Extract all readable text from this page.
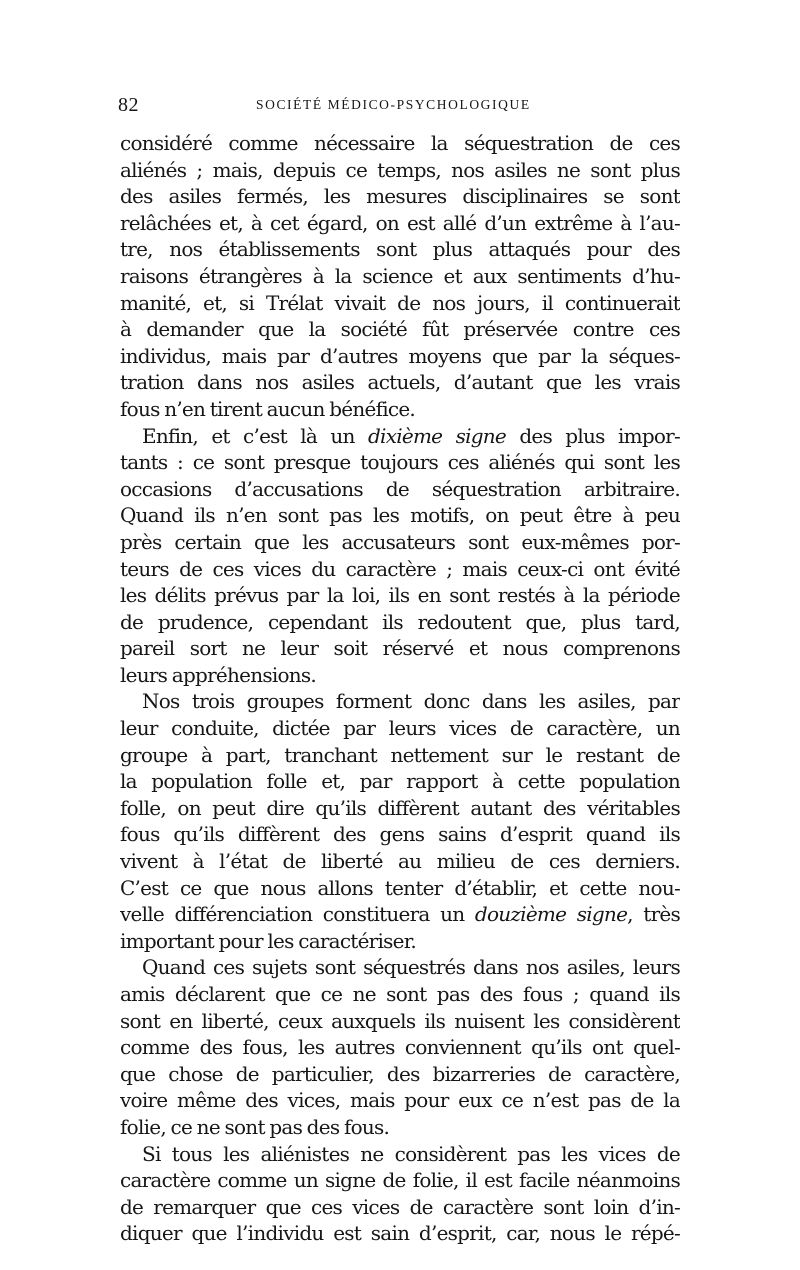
82	SOCIÉTÉ MÉDICO-PSYCHOLOGIQUE
considéré comme nécessaire la séquestration de ces
aliénés ; mais, depuis ce temps, nos asiles ne sont plus
des asiles fermés, les mesures disciplinaires se sont
relâchées et, à cet égard, on est allé d’un extrême à l’au-
tre, nos établissements sont plus attaqués pour des
raisons étrangères à la science et aux sentiments d’hu-
manité, et, si Trélat vivait de nos jours, il continuerait
à demander que la société fût préservée contre ces
individus, mais par d’autres moyens que par la séques-
tration dans nos asiles actuels, d’autant que les vrais
fous n’en tirent aucun bénéfice.
Enfin, et c’est là un dixième signe des plus impor-
tants : ce sont presque toujours ces aliénés qui sont les
occasions d’accusations de séquestration arbitraire.
Quand ils n’en sont pas les motifs, on peut être à peu
près certain que les accusateurs sont eux-mêmes por-
teurs de ces vices du caractère ; mais ceux-ci ont évité
les délits prévus par la loi, ils en sont restés à la période
de prudence, cependant ils redoutent que, plus tard,
pareil sort ne leur soit réservé et nous comprenons
leurs appréhensions.
Nos trois groupes forment donc dans les asiles, par
leur conduite, dictée par leurs vices de caractère, un
groupe à part, tranchant nettement sur le restant de
la population folle et, par rapport à cette population
folle, on peut dire qu’ils diffèrent autant des véritables
fous qu’ils diffèrent des gens sains d’esprit quand ils
vivent à l’état de liberté au milieu de ces derniers.
C’est ce que nous allons tenter d’établir, et cette nou-
velle différenciation constituera un douzième signe, très
important pour les caractériser.
Quand ces sujets sont séquestrés dans nos asiles, leurs
amis déclarent que ce ne sont pas des fous ; quand ils
sont en liberté, ceux auxquels ils nuisent les considèrent
comme des fous, les autres conviennent qu’ils ont quel-
que chose de particulier, des bizarreries de caractère,
voire même des vices, mais pour eux ce n’est pas de la
folie, ce ne sont pas des fous.
Si tous les aliénistes ne considèrent pas les vices de
caractère comme un signe de folie, il est facile néanmoins
de remarquer que ces vices de caractère sont loin d’in-
diquer que l’individu est sain d’esprit, car, nous le répé-
